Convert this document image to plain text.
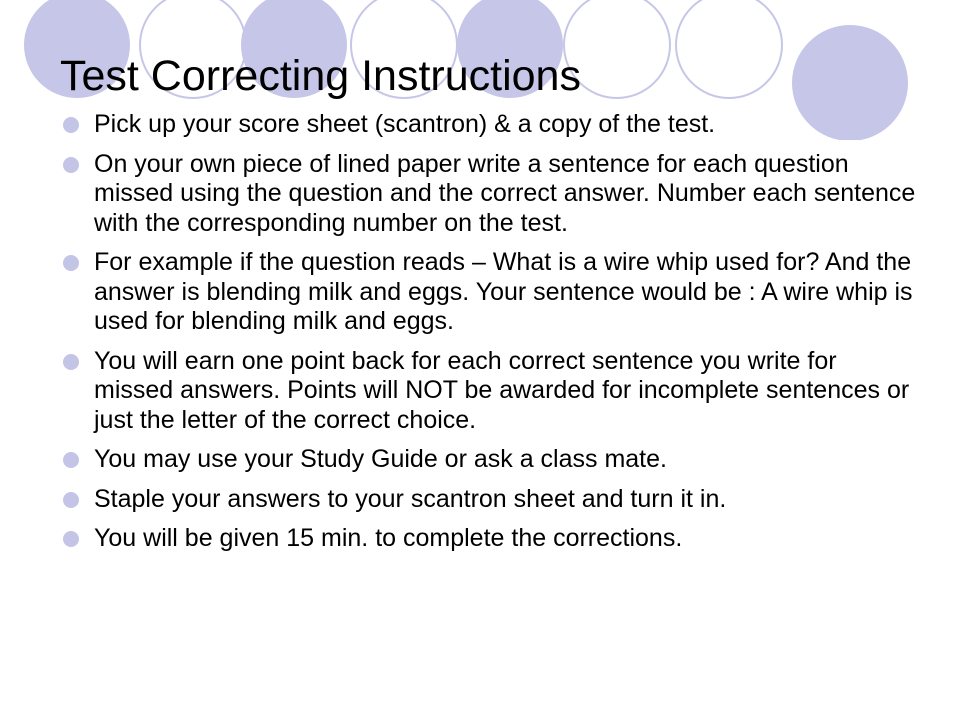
Test Correcting Instructions
Pick up your score sheet (scantron) & a copy of the test.
On your own piece of lined paper write a sentence for each question missed using the question and the correct answer. Number each sentence with the corresponding number on the test.
For example if the question reads – What is a wire whip used for? And the answer is blending milk and eggs. Your sentence would be : A wire whip is used for blending milk and eggs.
You will earn one point back for each correct sentence you write for missed answers. Points will NOT be awarded for incomplete sentences or just the letter of the correct choice.
You may use your Study Guide or ask a class mate.
Staple your answers to your scantron sheet and turn it in.
You will be given 15 min. to complete the corrections.
